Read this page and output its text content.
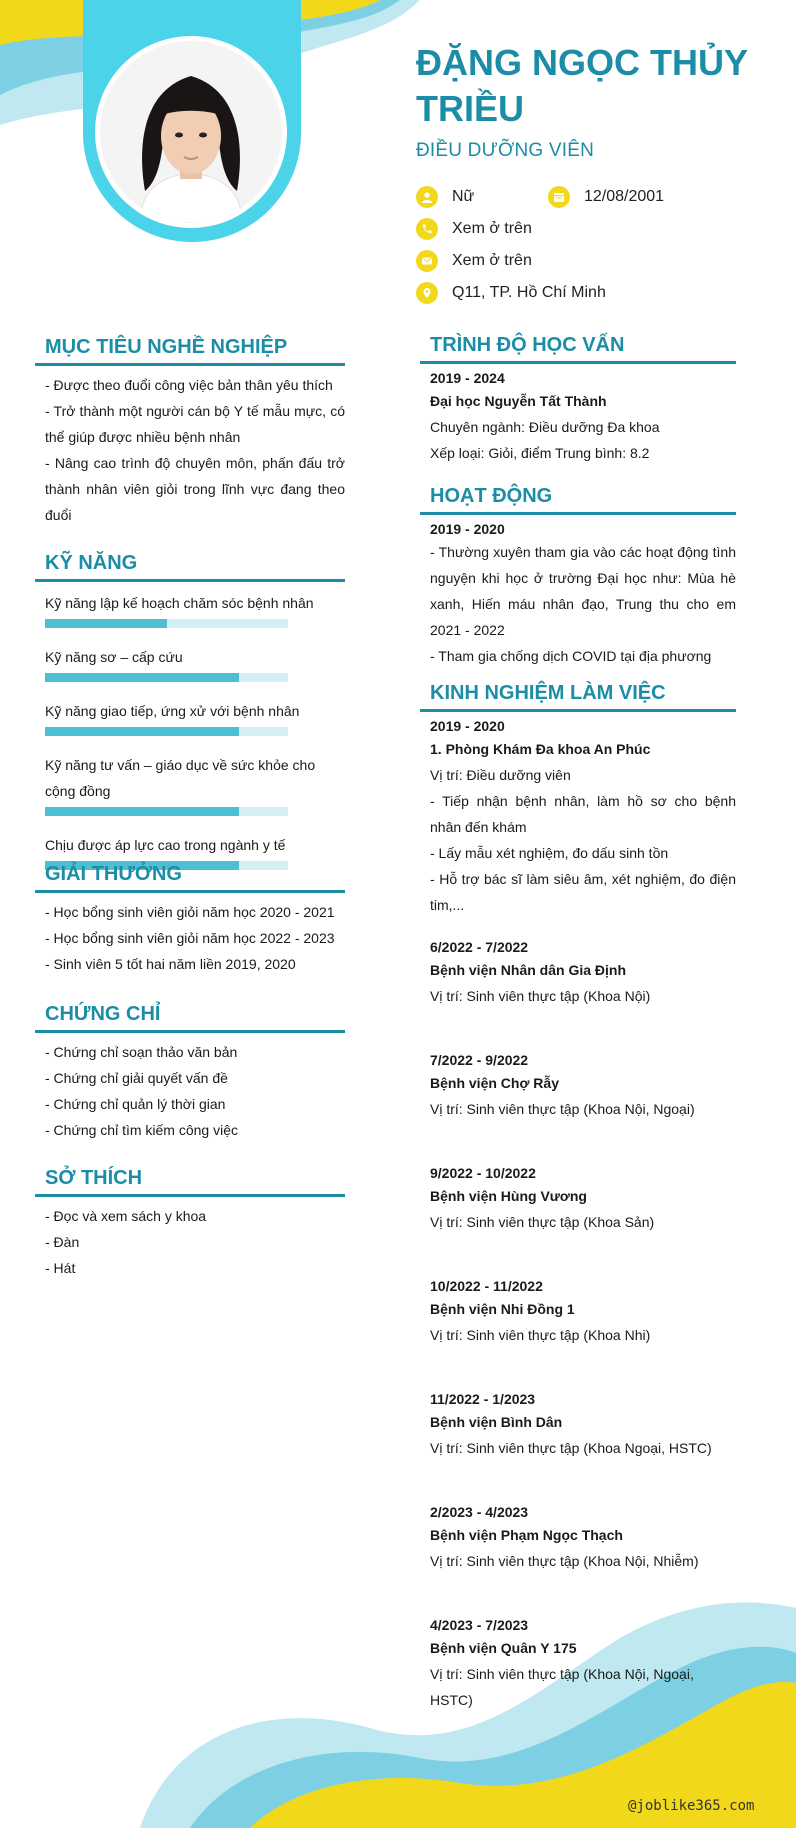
ĐẶNG NGỌC THỦY TRIỀU
ĐIỀU DƯỠNG VIÊN
Nữ	12/08/2001
Xem ở trên
Xem ở trên
Q11, TP. Hồ Chí Minh
MỤC TIÊU NGHỀ NGHIỆP
- Được theo đuổi công việc bản thân yêu thích
- Trở thành một người cán bộ Y tế mẫu mực, có thể giúp được nhiều bệnh nhân
- Nâng cao trình độ chuyên môn, phấn đấu trở thành nhân viên giỏi trong lĩnh vực đang theo đuổi
KỸ NĂNG
Kỹ năng lập kế hoạch chăm sóc bệnh nhân
Kỹ năng sơ – cấp cứu
Kỹ năng giao tiếp, ứng xử với bệnh nhân
Kỹ năng tư vấn – giáo dục về sức khỏe cho cộng đồng
Chịu được áp lực cao trong ngành y tế
GIẢI THƯỞNG
- Học bổng sinh viên giỏi năm học 2020 - 2021
- Học bổng sinh viên giỏi năm học 2022 - 2023
- Sinh viên 5 tốt hai năm liền 2019, 2020
CHỨNG CHỈ
- Chứng chỉ soạn thảo văn bản
- Chứng chỉ giải quyết vấn đề
- Chứng chỉ quản lý thời gian
- Chứng chỉ tìm kiếm công việc
SỞ THÍCH
- Đọc và xem sách y khoa
- Đàn
- Hát
TRÌNH ĐỘ HỌC VẤN
2019 - 2024
Đại học Nguyễn Tất Thành
Chuyên ngành: Điều dưỡng Đa khoa
Xếp loại: Giỏi, điểm Trung bình: 8.2
HOẠT ĐỘNG
2019 - 2020
- Thường xuyên tham gia vào các hoạt động tình nguyện khi học ở trường Đại học như: Mùa hè xanh, Hiến máu nhân đạo, Trung thu cho em 2021 - 2022
- Tham gia chống dịch COVID tại địa phương
KINH NGHIỆM LÀM VIỆC
2019 - 2020
1. Phòng Khám Đa khoa An Phúc
Vị trí: Điều dưỡng viên
- Tiếp nhận bệnh nhân, làm hồ sơ cho bệnh nhân đến khám
- Lấy mẫu xét nghiệm, đo dấu sinh tồn
- Hỗ trợ bác sĩ làm siêu âm, xét nghiệm, đo điện tim,...
6/2022 - 7/2022
Bệnh viện Nhân dân Gia Định
Vị trí: Sinh viên thực tập (Khoa Nội)
7/2022 - 9/2022
Bệnh viện Chợ Rẫy
Vị trí: Sinh viên thực tập (Khoa Nội, Ngoại)
9/2022 - 10/2022
Bệnh viện Hùng Vương
Vị trí: Sinh viên thực tập (Khoa Sản)
10/2022 - 11/2022
Bệnh viện Nhi Đồng 1
Vị trí: Sinh viên thực tập (Khoa Nhi)
11/2022 - 1/2023
Bệnh viện Bình Dân
Vị trí: Sinh viên thực tập (Khoa Ngoại, HSTC)
2/2023 - 4/2023
Bệnh viện Phạm Ngọc Thạch
Vị trí: Sinh viên thực tập (Khoa Nội, Nhiễm)
4/2023 - 7/2023
Bệnh viện Quân Y 175
Vị trí: Sinh viên thực tập (Khoa Nội, Ngoại, HSTC)
@joblike365.com
